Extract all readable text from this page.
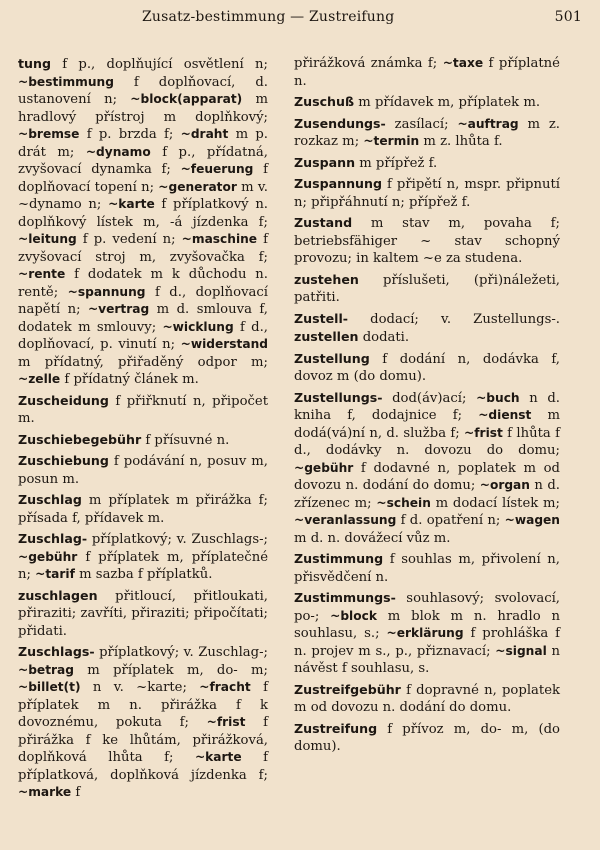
Zusatz-bestimmung — Zustreifung	501
tung f p., doplňující osvětlení n; ~bestimmung f doplňovací, d. ustanovení n; ~block(apparat) m hradlový přístroj m doplňkový; ~bremse f p. brzda f; ~draht m p. drát m; ~dynamo f p., přídatná, zvyšovací dynamka f; ~feuerung f doplňovací topení n; ~generator m v. ~dynamo n; ~karte f příplatkový n. doplňkový lístek m, -á jízdenka f; ~leitung f p. vedení n; ~maschine f zvyšovací stroj m, zvyšovačka f; ~rente f dodatek m k důchodu n. rentě; ~spannung f d., doplňovací napětí n; ~vertrag m d. smlouva f, dodatek m smlouvy; ~wicklung f d., doplňovací, p. vinutí n; ~widerstand m přídatný, přiřaděný odpor m; ~zelle f přídatný článek m.
Zuscheidung f přiřknutí n, připočet m.
Zuschiebegebühr f přísuvné n.
Zuschiebung f podávání n, posuv m, posun m.
Zuschlag m příplatek m přirážka f; přísada f, přídavek m.
Zuschlag- příplatkový; v. Zuschlags-; ~gebühr f příplatek m, příplatečné n; ~tarif m sazba f příplatků.
zuschlagen přitloucí, přitloukati, přiraziti; zavříti, přiraziti; připočítati; přidati.
Zuschlags- příplatkový; v. Zuschlag-; ~betrag m příplatek m, do- m; ~billet(t) n v. ~karte; ~fracht f příplatek m n. přirážka f k dovoznému, pokuta f; ~frist f přirážka f ke lhůtám, přirážková, doplňková lhůta f; ~karte f příplatková, doplňková jízdenka f; ~marke f
přirážková známka f; ~taxe f příplatné n.
Zuschuß m přídavek m, příplatek m.
Zusendungs- zasílací; ~auftrag m z. rozkaz m; ~termin m z. lhůta f.
Zuspann m přípřež f.
Zuspannung f připětí n, mspr. připnutí n; připřáhnutí n; přípřež f.
Zustand m stav m, povaha f; betriebsfähiger ~ stav schopný provozu; in kaltem ~e za studena.
zustehen příslušeti, (při)náležeti, patřiti.
Zustell- dodací; v. Zustellungs-. zustellen dodati.
Zustellung f dodání n, dodávka f, dovoz m (do domu).
Zustellungs- dod(áv)ací; ~buch n d. kniha f, dodajnice f; ~dienst m dodá(vá)ní n, d. služba f; ~frist f lhůta f d., dodávky n. dovozu do domu; ~gebühr f dodavné n, poplatek m od dovozu n. dodání do domu; ~organ n d. zřízenec m; ~schein m dodací lístek m; ~veranlassung f d. opatření n; ~wagen m d. n. dovážecí vůz m.
Zustimmung f souhlas m, přivolení n, přisvědčení n.
Zustimmungs- souhlasový; svolovací, po-; ~block m blok m n. hradlo n souhlasu, s.; ~erklärung f prohláška f n. projev m s., p., přiznavací; ~signal n návěst f souhlasu, s.
Zustreifgebühr f dopravné n, poplatek m od dovozu n. dodání do domu.
Zustreifung f přívoz m, do- m, (do domu).
